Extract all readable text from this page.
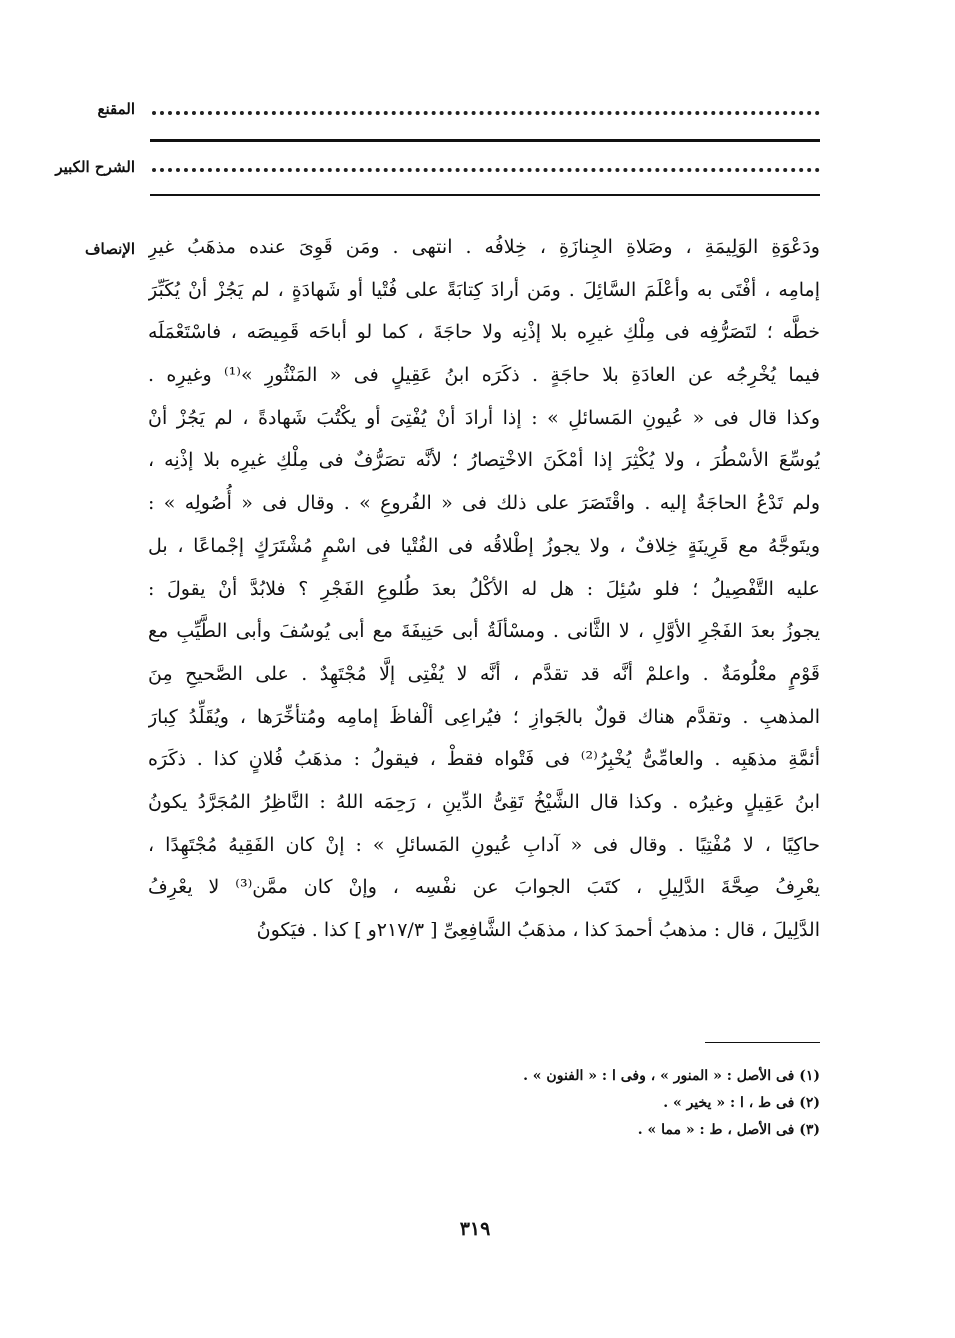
المقنع
الشرح الكبير
الإنصاف ودَعْوَةِ الوَلِيمَةِ ، وصَلاةِ الجِنازَةِ ، خِلافُه . انتهى . ومَن قَوِىَ عنده مذهَبُ غيرِ
إمامِه ، أفْتَى به وأعْلَمَ السَّائِلَ . ومَن أرادَ كِتابَةً على فُتْيا أو شَهادَةٍ ، لم يَجُزْ أنْ يُكَبِّرَ
خطَّه ؛ لتَصَرُّفِه فى مِلْكِ غيرِه بلا إذْنِه ولا حاجَةَ ، كما لو أباحَه قَمِيصَه ، فاسْتَعْمَلَه
فيما يُخْرِجُه عن العادَةِ بلا حاجَةٍ . ذكَرَه ابنُ عَقِيلٍ فى « المَنْثُورِ »⁽¹⁾ وغيرِه .
وكذا قال فى « عُيونِ المَسائلِ » : إذا أرادَ أنْ يُفْتِىَ أو يكْتُبَ شَهادةً ، لم يَجُزْ أنْ
يُوسِّعَ الأسْطُرَ ، ولا يُكْثِرَ إذا أمْكَنَ الاخْتِصارُ ؛ لأنَّه تصَرُّفٌ فى مِلْكِ غيرِه بلا إذْنِه ،
ولم تَدْعُ الحاجَةُ إليه . واقْتَصَرَ على ذلك فى « الفُروعِ » . وقال فى « أُصُولِه » :
ويتَوجَّهُ مع قَرِينَةٍ خِلافٌ ، ولا يجوزُ إطْلاقُه فى الفُتْيا فى اسْمٍ مُشْتَرَكٍ إجْماعًا ، بل
عليه التَّفْصِيلُ ؛ فلو سُئِلَ : هل له الأكْلُ بعدَ طُلوعِ الفَجْرِ ؟ فلابُدَّ أنْ يقولَ :
يجوزُ بعدَ الفَجْرِ الأوَّلِ ، لا الثَّانى . ومسْألَةُ أبى حَنِيفَةَ مع أبى يُوسُفَ وأبى الطَّيِّبِ مع
قَوْمٍ معْلُومَةٌ . واعلمْ أنَّه قد تقدَّم ، أنَّه لا يُفْتِى إلَّا مُجْتَهِدٌ . على الصَّحيحِ مِنَ
المذهبِ . وتقدَّم هناك قولٌ بالجَوازِ ؛ فيُراعِى ألْفاظَ إمامِه ومُتأخِّرَها ، ويُقَلِّدُ كِبارَ
أئمَّةِ مذهَبِه . والعامِّىُّ يُخْبِرُ⁽²⁾ فى فَتْواه فقطْ ، فيقولُ : مذهَبُ فُلانٍ كذا . ذكَرَه
ابنُ عَقِيلٍ وغيرُه . وكذا قال الشَّيْخُ تَقِىُّ الدِّينِ ، رَحِمَه اللهُ : النَّاظِرُ المُجَرَّدُ يكونُ
حاكِيًا ، لا مُفْتِيًا . وقال فى « آدابِ عُيونِ المَسائلِ » : إنْ كان الفَقِيهُ مُجْتَهِدًا ،
يعْرِفُ صِحَّةَ الدَّلِيلِ ، كتَبَ الجوابَ عن نفْسِه ، وإنْ كان ممَّن⁽³⁾ لا يعْرِفُ
الدَّلِيلَ ، قال : مذهبُ أحمدَ كذا ، مذهَبُ الشَّافِعِىِّ [ ٢١٧/٣و ] كذا . فيَكونُ
(١) فى الأصل : « المنور » ، وفى ا : « الفنون » .
(٢) فى ط ، ا : « يخير » .
(٣) فى الأصل ، ط : « مما » .
٣١٩
